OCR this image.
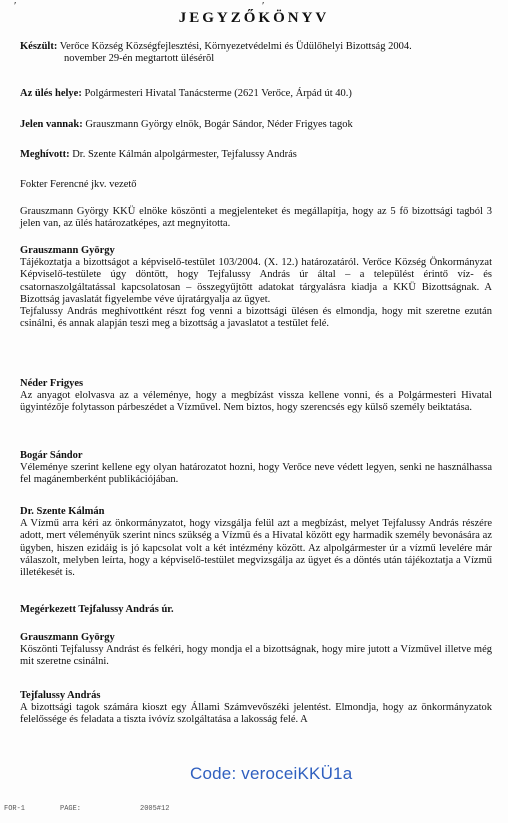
ʹ	ʹ
JEGYZŐKÖNYV
Készült: Verőce Község Községfejlesztési, Környezetvédelmi és Üdülőhelyi Bizottság 2004.
november 29-én megtartott ülésérõl
Az ülés helye: Polgármesteri Hivatal Tanácsterme (2621 Verőce, Árpád út 40.)
Jelen vannak: Grauszmann György elnök, Bogár Sándor, Néder Frigyes tagok
Meghívott: Dr. Szente Kálmán alpolgármester, Tejfalussy András
Fokter Ferencné jkv. vezető
Grauszmann György KKÜ elnöke köszönti a megjelenteket és megállapítja, hogy az 5 fő bizottsági tagból 3 jelen van, az ülés határozatképes, azt megnyitotta.
Grauszmann György
Tájékoztatja a bizottságot a képviselő-testület 103/2004. (X. 12.) határozatáról. Verőce Község Önkormányzat Képviselő-testülete úgy döntött, hogy Tejfalussy András úr által – a települést érintő víz- és csatornaszolgáltatással kapcsolatosan – összegyűjtött adatokat tárgyalásra kiadja a KKÜ Bizottságnak. A Bizottság javaslatát figyelembe véve újratárgyalja az ügyet.
Tejfalussy András meghívottként részt fog venni a bizottsági ülésen és elmondja, hogy mit szeretne ezután csinálni, és annak alapján teszi meg a bizottság a javaslatot a testület felé.
Néder Frigyes
Az anyagot elolvasva az a véleménye, hogy a megbízást vissza kellene vonni, és a Polgármesteri Hivatal ügyintézője folytasson párbeszédet a Vízművel. Nem biztos, hogy szerencsés egy külső személy beiktatása.
Bogár Sándor
Véleménye szerint kellene egy olyan határozatot hozni, hogy Verőce neve védett legyen, senki ne használhassa fel magánemberként publikációjában.
Dr. Szente Kálmán
A Vízmű arra kéri az önkormányzatot, hogy vizsgálja felül azt a megbízást, melyet Tejfalussy András részére adott, mert véleményük szerint nincs szükség a Vízmű és a Hivatal között egy harmadik személy bevonására az ügyben, hiszen ezidáig is jó kapcsolat volt a két intézmény között. Az alpolgármester úr a vízmű levelére már válaszolt, melyben leírta, hogy a képviselő-testület megvizsgálja az ügyet és a döntés után tájékoztatja a Vízmű illetékesét is.
Megérkezett Tejfalussy András úr.
Grauszmann György
Köszönti Tejfalussy Andrást és felkéri, hogy mondja el a bizottságnak, hogy mire jutott a Vízművel illetve még mit szeretne csinálni.
Tejfalussy András
A bizottsági tagok számára kioszt egy Állami Számvevőszéki jelentést. Elmondja, hogy az önkormányzatok felelőssége és feladata a tiszta ivóvíz szolgáltatása a lakosság felé. A
Code: veroceiKKÜ1a
FOR-1	PAGE:	2005#12
